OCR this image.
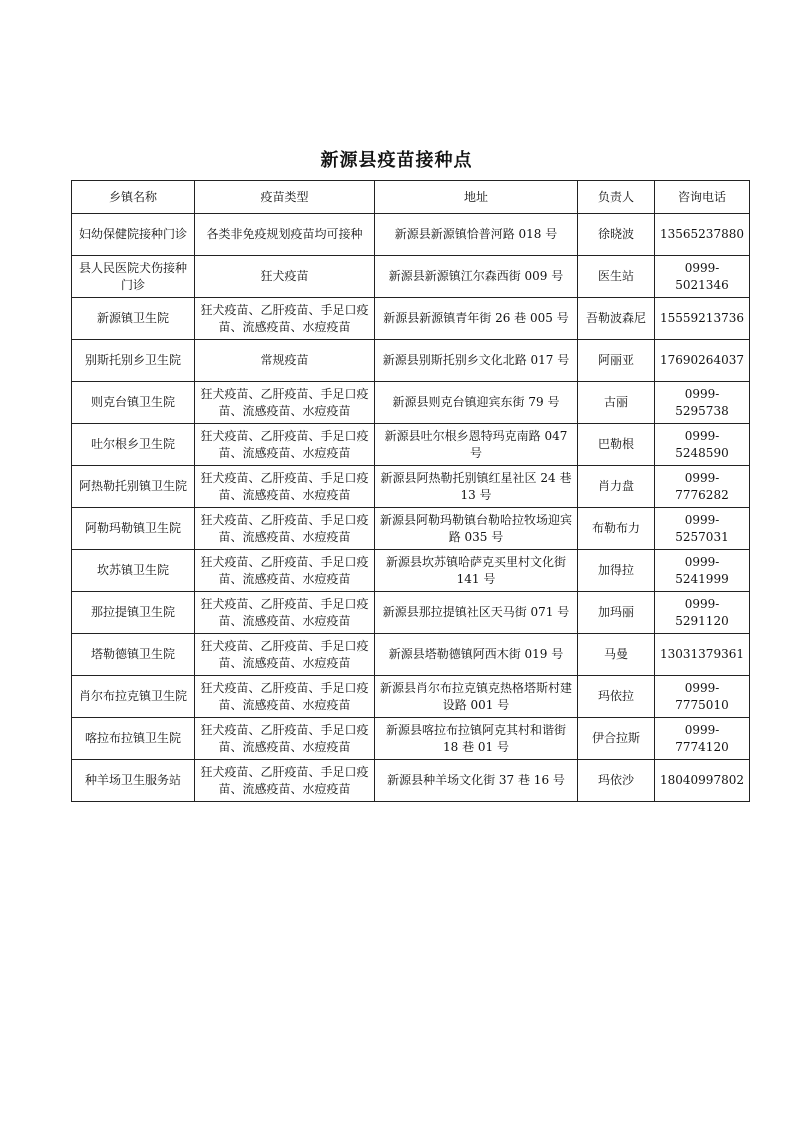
新源县疫苗接种点
乡镇名称	疫苗类型	地址	负责人	咨询电话
妇幼保健院接种门诊	各类非免疫规划疫苗均可接种	新源县新源镇恰普河路 018 号	徐晓波	13565237880
县人民医院犬伤接种门诊	狂犬疫苗	新源县新源镇江尔森西街 009 号	医生站	0999-5021346
新源镇卫生院	狂犬疫苗、乙肝疫苗、手足口疫苗、流感疫苗、水痘疫苗	新源县新源镇青年街 26 巷 005 号	吾勒波森尼	15559213736
别斯托别乡卫生院	常规疫苗	新源县别斯托别乡文化北路 017 号	阿丽亚	17690264037
则克台镇卫生院	狂犬疫苗、乙肝疫苗、手足口疫苗、流感疫苗、水痘疫苗	新源县则克台镇迎宾东街 79 号	古丽	0999-5295738
吐尔根乡卫生院	狂犬疫苗、乙肝疫苗、手足口疫苗、流感疫苗、水痘疫苗	新源县吐尔根乡恩特玛克南路 047 号	巴勒根	0999-5248590
阿热勒托别镇卫生院	狂犬疫苗、乙肝疫苗、手足口疫苗、流感疫苗、水痘疫苗	新源县阿热勒托别镇红星社区 24 巷 13 号	肖力盘	0999-7776282
阿勒玛勒镇卫生院	狂犬疫苗、乙肝疫苗、手足口疫苗、流感疫苗、水痘疫苗	新源县阿勒玛勒镇台勒哈拉牧场迎宾路 035 号	布勒布力	0999-5257031
坎苏镇卫生院	狂犬疫苗、乙肝疫苗、手足口疫苗、流感疫苗、水痘疫苗	新源县坎苏镇哈萨克买里村文化街 141 号	加得拉	0999-5241999
那拉提镇卫生院	狂犬疫苗、乙肝疫苗、手足口疫苗、流感疫苗、水痘疫苗	新源县那拉提镇社区天马街 071 号	加玛丽	0999-5291120
塔勒德镇卫生院	狂犬疫苗、乙肝疫苗、手足口疫苗、流感疫苗、水痘疫苗	新源县塔勒德镇阿西木街 019 号	马曼	13031379361
肖尔布拉克镇卫生院	狂犬疫苗、乙肝疫苗、手足口疫苗、流感疫苗、水痘疫苗	新源县肖尔布拉克镇克热格塔斯村建设路 001 号	玛依拉	0999-7775010
喀拉布拉镇卫生院	狂犬疫苗、乙肝疫苗、手足口疫苗、流感疫苗、水痘疫苗	新源县喀拉布拉镇阿克其村和谐街 18 巷 01 号	伊合拉斯	0999-7774120
种羊场卫生服务站	狂犬疫苗、乙肝疫苗、手足口疫苗、流感疫苗、水痘疫苗	新源县种羊场文化街 37 巷 16 号	玛依沙	18040997802
